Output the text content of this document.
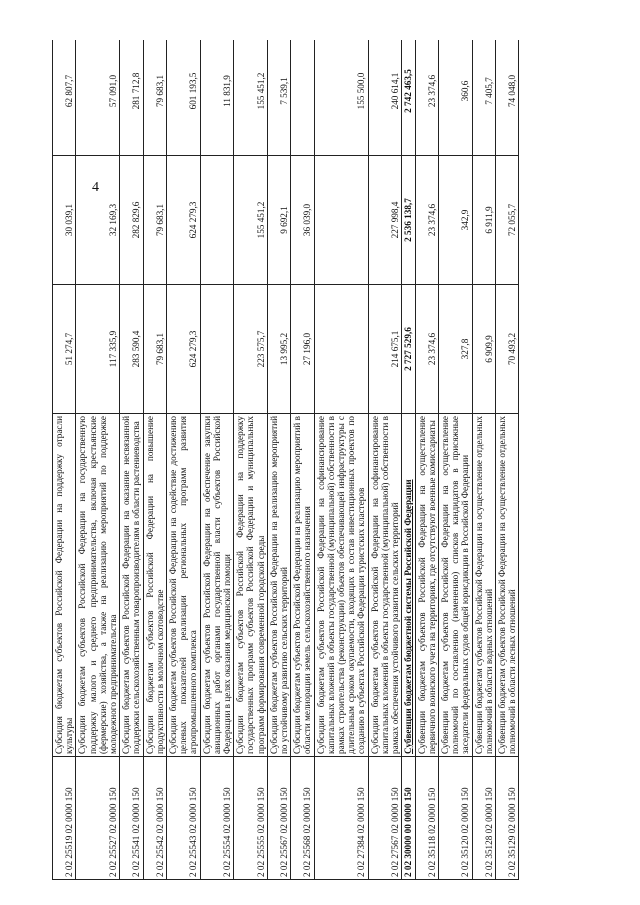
4
2 02 25519 02 0000 150	Субсидия бюджетам субъектов Российской Федерации на поддержку отрасли культуры	51 274,7	30 039,1	62 807,7
2 02 25527 02 0000 150	Субсидии бюджетам субъектов Российской Федерации на государственную поддержку малого и среднего предпринимательства, включая крестьянские (фермерские) хозяйства, а также на реализацию мероприятий по поддержке молодежного предпринимательства	117 335,9	32 169,3	57 091,0
2 02 25541 02 0000 150	Субсидии бюджетам субъектов Российской Федерации на оказание несвязанной поддержки сельскохозяйственным товаропроизводителям в области растениеводства	283 590,4	282 829,6	281 712,8
2 02 25542 02 0000 150	Субсидии бюджетам субъектов Российской Федерации на повышение продуктивности в молочном скотоводстве	79 683,1	79 683,1	79 683,1
2 02 25543 02 0000 150	Субсидии бюджетам субъектов Российской Федерации на содействие достижению целевых показателей реализации региональных программ развития агропромышленного комплекса	624 279,3	624 279,3	601 193,5
2 02 25554 02 0000 150	Субсидии бюджетам субъектов Российской Федерации на обеспечение закупки авиационных работ органами государственной власти субъектов Российской Федерации в целях оказания медицинской помощи			11 831,9
2 02 25555 02 0000 150	Субсидии бюджетам субъектов Российской Федерации на поддержку государственных программ субъектов Российской Федерации и муниципальных программ формирования современной городской среды	223 575,7	155 451,2	155 451,2
2 02 25567 02 0000 150	Субсидии бюджетам субъектов Российской Федерации на реализацию мероприятий по устойчивому развитию сельских территорий	13 995,2	9 692,1	7 539,1
2 02 25568 02 0000 150	Субсидии бюджетам субъектов Российской Федерации на реализацию мероприятий в области мелиорации земель сельскохозяйственного назначения	27 196,0	36 039,0	
2 02 27384 02 0000 150	Субсидии бюджетам субъектов Российской Федерации на софинансирование капитальных вложений в объекты государственной (муниципальной) собственности в рамках строительства (реконструкции) объектов обеспечивающей инфраструктуры с длительным сроком окупаемости, входящих в состав инвестиционных проектов по созданию в субъектах Российской Федерации туристских кластеров			155 500,0
2 02 27567 02 0000 150	Субсидии бюджетам субъектов Российской Федерации на софинансирование капитальных вложений в объекты государственной (муниципальной) собственности в рамках обеспечения устойчивого развития сельских территорий	214 675,1	227 998,4	240 614,1
2 02 30000 00 0000 150	Субвенции бюджетам бюджетной системы Российской Федерации	2 727 529,6	2 536 138,7	2 742 463,5
2 02 35118 02 0000 150	Субвенции бюджетам субъектов Российской Федерации на осуществление первичного воинского учета на территориях, где отсутствуют военные комиссариаты	23 374,6	23 374,6	23 374,6
2 02 35120 02 0000 150	Субвенции бюджетам субъектов Российской Федерации на осуществление полномочий по составлению (изменению) списков кандидатов в присяжные заседатели федеральных судов общей юрисдикции в Российской Федерации	327,8	342,9	360,6
2 02 35128 02 0000 150	Субвенции бюджетам субъектов Российской Федерации на осуществление отдельных полномочий в области водных отношений	6 909,9	6 911,9	7 405,7
2 02 35129 02 0000 150	Субвенции бюджетам субъектов Российской Федерации на осуществление отдельных полномочий в области лесных отношений	70 493,2	72 055,7	74 048,0
